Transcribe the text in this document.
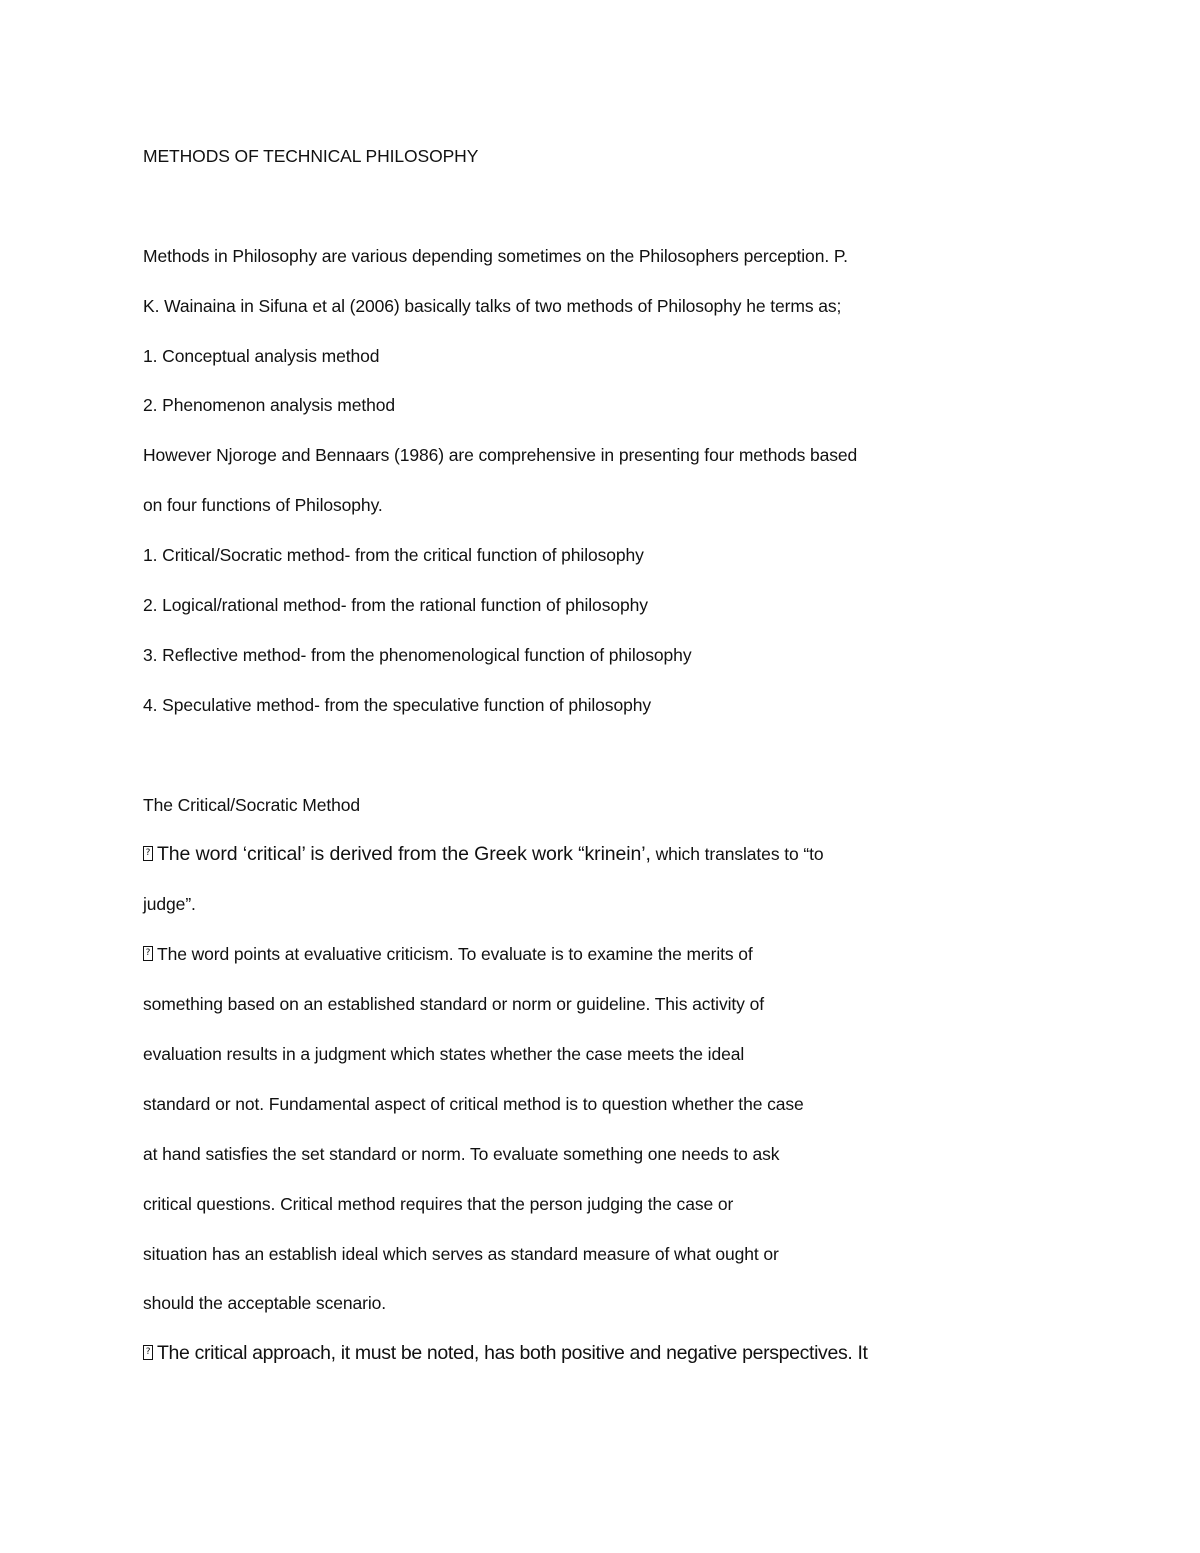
METHODS OF TECHNICAL PHILOSOPHY
Methods in Philosophy are various depending sometimes on the Philosophers perception. P.
K. Wainaina in Sifuna et al (2006) basically talks of two methods of Philosophy he terms as;
1. Conceptual analysis method
2. Phenomenon analysis method
However Njoroge and Bennaars (1986) are comprehensive in presenting four methods based
on four functions of Philosophy.
1. Critical/Socratic method- from the critical function of philosophy
2. Logical/rational method- from the rational function of philosophy
3. Reflective method- from the phenomenological function of philosophy
4. Speculative method- from the speculative function of philosophy
The Critical/Socratic Method
?The word ‘critical’ is derived from the Greek work “krinein’, which translates to “to
judge”.
?The word points at evaluative criticism. To evaluate is to examine the merits of
something based on an established standard or norm or guideline. This activity of
evaluation results in a judgment which states whether the case meets the ideal
standard or not. Fundamental aspect of critical method is to question whether the case
at hand satisfies the set standard or norm. To evaluate something one needs to ask
critical questions. Critical method requires that the person judging the case or
situation has an establish ideal which serves as standard measure of what ought or
should the acceptable scenario.
?The critical approach, it must be noted, has both positive and negative perspectives. It
